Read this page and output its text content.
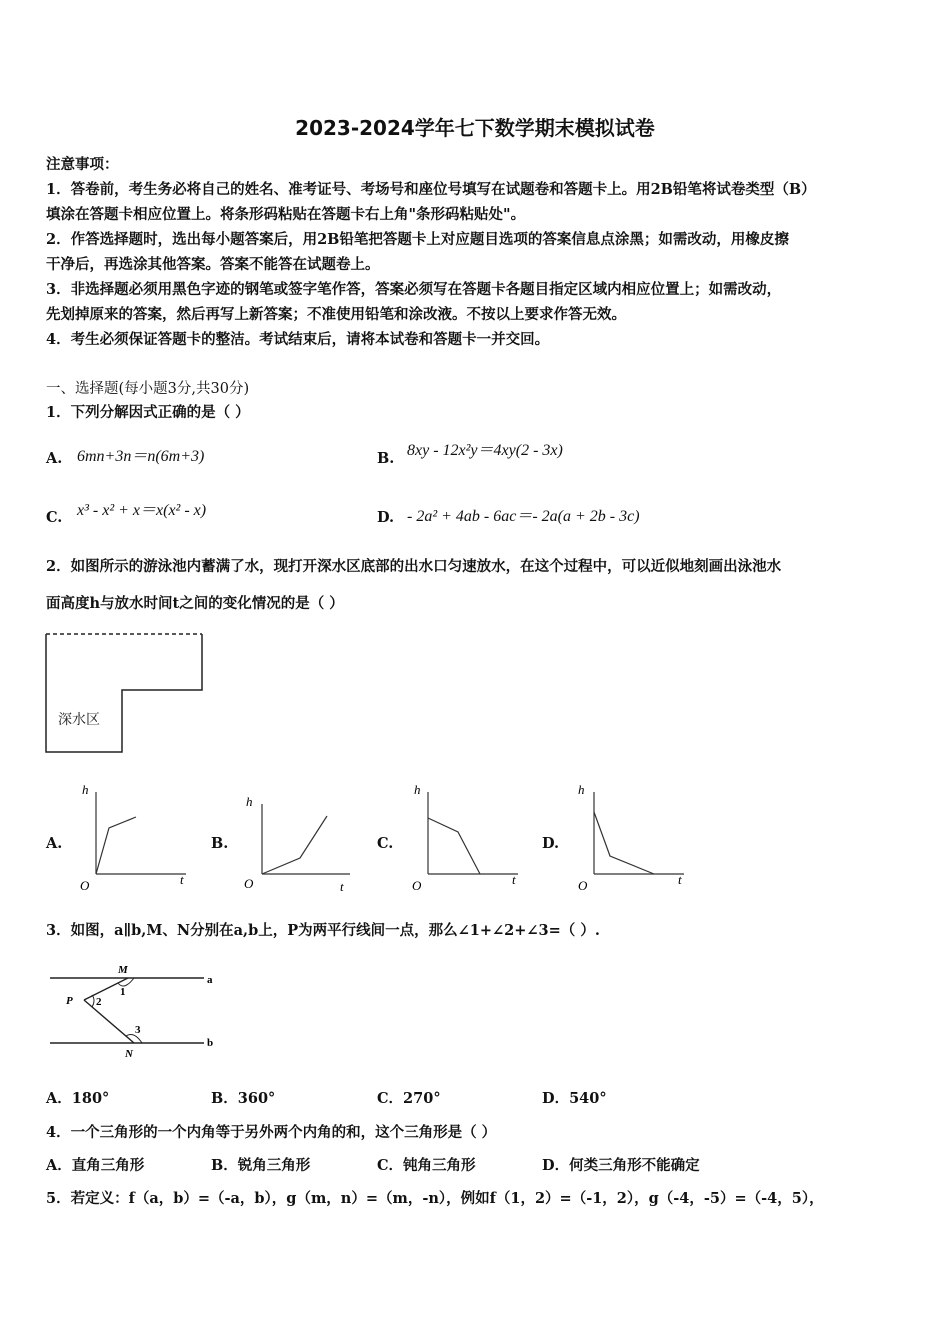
2023-2024学年七下数学期末模拟试卷
注意事项：
1．答卷前，考生务必将自己的姓名、准考证号、考场号和座位号填写在试题卷和答题卡上。用2B铅笔将试卷类型（B）
填涂在答题卡相应位置上。将条形码粘贴在答题卡右上角"条形码粘贴处"。
2．作答选择题时，选出每小题答案后，用2B铅笔把答题卡上对应题目选项的答案信息点涂黑；如需改动，用橡皮擦
干净后，再选涂其他答案。答案不能答在试题卷上。
3．非选择题必须用黑色字迹的钢笔或签字笔作答，答案必须写在答题卡各题目指定区域内相应位置上；如需改动，
先划掉原来的答案，然后再写上新答案；不准使用铅笔和涂改液。不按以上要求作答无效。
4．考生必须保证答题卡的整洁。考试结束后，请将本试卷和答题卡一并交回。
一、选择题(每小题3分,共30分)
1．下列分解因式正确的是（ ）
A. 6mn+3n＝n(6m+3)	B. 8xy - 12x²y＝4xy(2 - 3x)
C. x³ - x² + x＝x(x² - x)	D. - 2a² + 4ab - 6ac＝- 2a(a + 2b - 3c)
2．如图所示的游泳池内蓄满了水，现打开深水区底部的出水口匀速放水，在这个过程中，可以近似地刻画出泳池水
面高度h与放水时间t之间的变化情况的是（ ）
深水区
A.	B.	C.	D.
h
t
O
h
t
O
h
t
O
h
t
O
3．如图，a∥b,M、N分别在a,b上，P为两平行线间一点，那么∠1+∠2+∠3=（ ）.
M
N
P
a
b
1
2
3
A．180°	B．360°	C．270°	D．540°
4．一个三角形的一个内角等于另外两个内角的和，这个三角形是（ ）
A．直角三角形	B．锐角三角形	C．钝角三角形	D．何类三角形不能确定
5．若定义：f（a，b）=（-a，b），g（m，n）=（m，-n），例如f（1，2）=（-1，2），g（-4，-5）=（-4，5），
